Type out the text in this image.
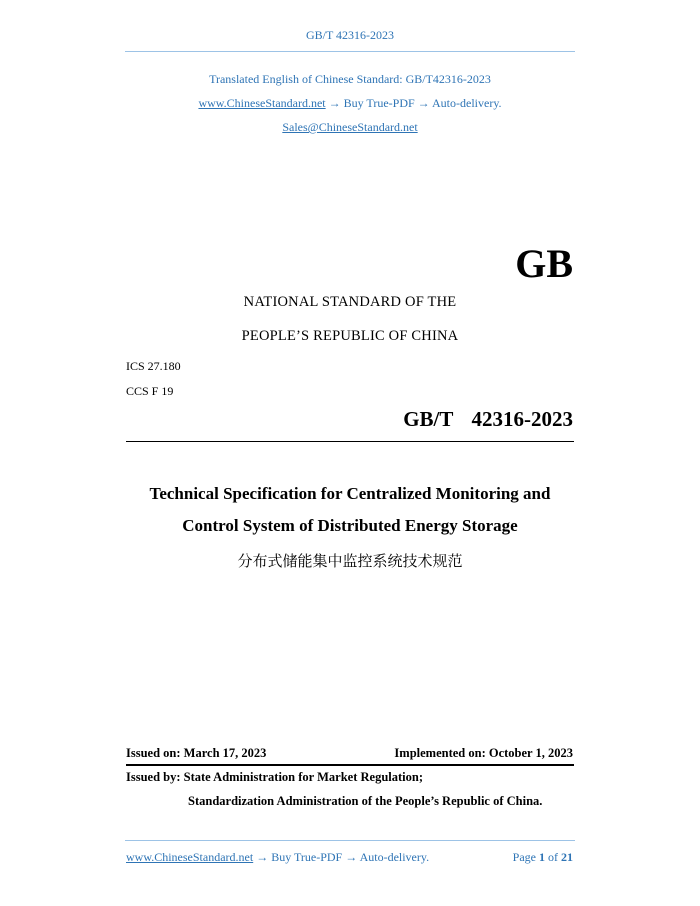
GB/T 42316-2023
Translated English of Chinese Standard: GB/T42316-2023
www.ChineseStandard.net → Buy True-PDF → Auto-delivery.
Sales@ChineseStandard.net
GB
NATIONAL STANDARD OF THE
PEOPLE’S REPUBLIC OF CHINA
ICS 27.180
CCS F 19
GB/T  42316-2023
Technical Specification for Centralized Monitoring and
Control System of Distributed Energy Storage
分布式储能集中监控系统技术规范
Issued on: March 17, 2023	Implemented on: October 1, 2023
Issued by: State Administration for Market Regulation;
Standardization Administration of the People’s Republic of China.
www.ChineseStandard.net → Buy True-PDF → Auto-delivery.	Page 1 of 21
